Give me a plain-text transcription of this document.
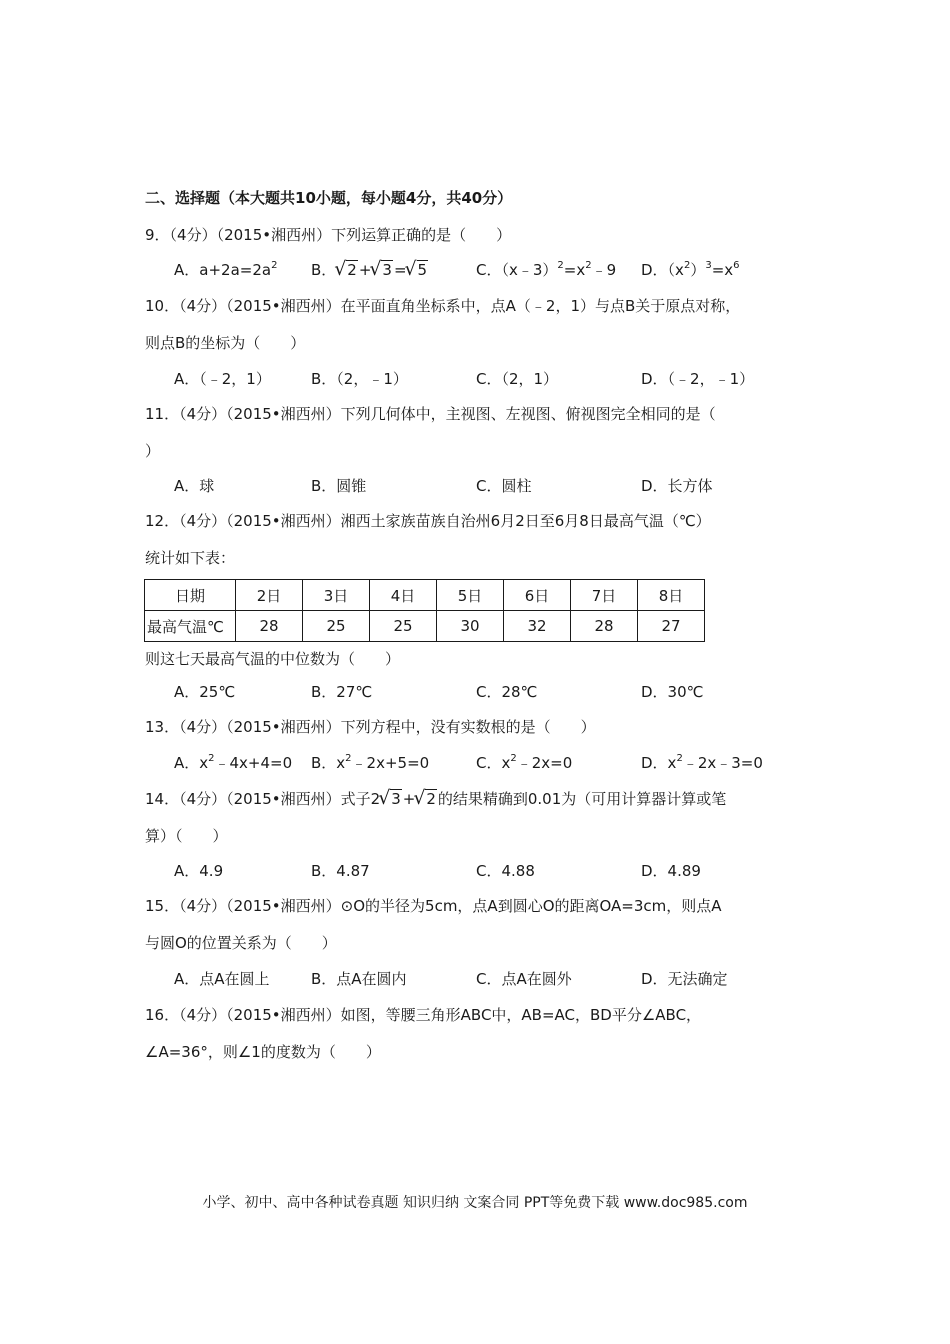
二、选择题（本大题共10小题，每小题4分，共40分）
9．（4分）（2015•湘西州）下列运算正确的是（　　）
A．$a+2a=2a^2$ B． √ 2 + √ 3 = √ 5	C．$(x﹣3)^2=x^2﹣9$ D．$(x^2)^3=x^6$
10．（4分）（2015•湘西州）在平面直角坐标系中，点A（﹣2，1）与点B关于原点对称，
则点B的坐标为（　　）
A．（﹣2，1）	B．（2，﹣1）	C．（2，1）	D．（﹣2，﹣1）
11．（4分）（2015•湘西州）下列几何体中，主视图、左视图、俯视图完全相同的是（
）
A．球	B．圆锥	C．圆柱	D．长方体
12．（4分）（2015•湘西州）湘西土家族苗族自治州6月2日至6月8日最高气温（℃）
统计如下表：
日期	2日	3日	4日	5日	6日	7日	8日
最高气温℃	28	25	25	30	32	28	27
则这七天最高气温的中位数为（　　）
A．25℃	B．27℃	C．28℃	D．30℃
13．（4分）（2015•湘西州）下列方程中，没有实数根的是（　　）
A．$x^2﹣4x+4=0$ B．$x^2﹣2x+5=0$	C．$x^2﹣2x=0$	D．$x^2﹣2x﹣3=0$
14．（4分）（2015•湘西州）式子2 √ 3 + √ 2 的结果精确到0.01为（可用计算器计算或笔
算）（　　）
A．4.9	B．4.87	C．4.88	D．4.89
15．（4分）（2015•湘西州）⊙O的半径为5cm，点A到圆心O的距离OA=3cm，则点A
与圆O的位置关系为（　　）
A．点A在圆上	B．点A在圆内	C．点A在圆外	D．无法确定
16．（4分）（2015•湘西州）如图，等腰三角形ABC中，AB=AC，BD平分∠ABC，
∠A=36°，则∠1的度数为（　　）
小学、初中、高中各种试卷真题 知识归纳 文案合同 PPT等免费下载 www.doc985.com
